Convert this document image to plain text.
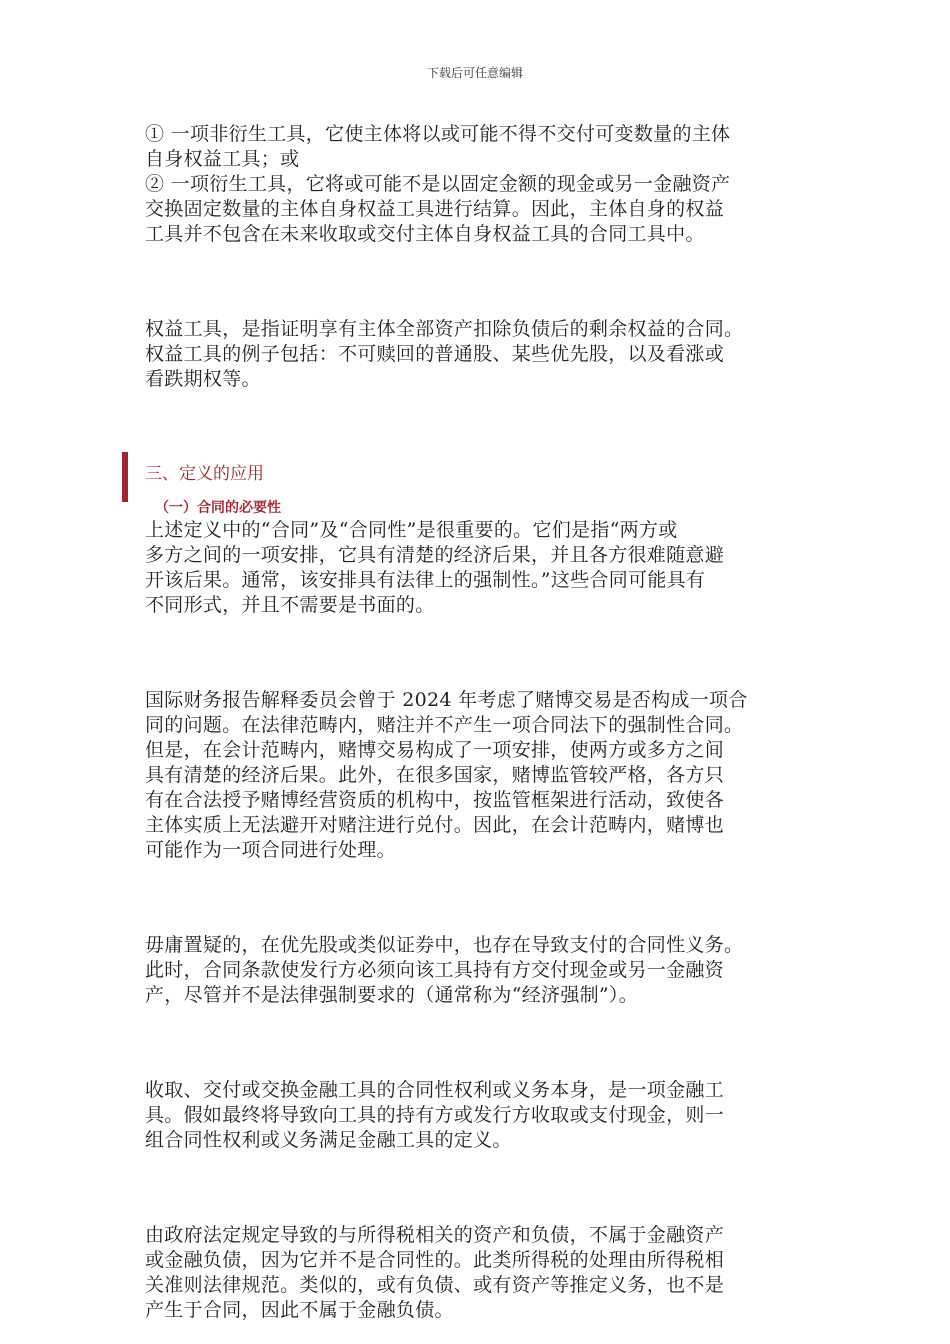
下载后可任意编辑

① 一项非衍生工具，它使主体将以或可能不得不交付可变数量的主体
自身权益工具；或
② 一项衍生工具，它将或可能不是以固定金额的现金或另一金融资产
交换固定数量的主体自身权益工具进行结算。因此，主体自身的权益
工具并不包含在未来收取或交付主体自身权益工具的合同工具中。

权益工具，是指证明享有主体全部资产扣除负债后的剩余权益的合同。
权益工具的例子包括：不可赎回的普通股、某些优先股，以及看涨或
看跌期权等。

三、定义的应用
（一）合同的必要性

上述定义中的“合同”及“合同性”是很重要的。它们是指“两方或
多方之间的一项安排，它具有清楚的经济后果，并且各方很难随意避
开该后果。通常，该安排具有法律上的强制性。”这些合同可能具有
不同形式，并且不需要是书面的。

国际财务报告解释委员会曾于 2024 年考虑了赌博交易是否构成一项合
同的问题。在法律范畴内，赌注并不产生一项合同法下的强制性合同。
但是，在会计范畴内，赌博交易构成了一项安排，使两方或多方之间
具有清楚的经济后果。此外，在很多国家，赌博监管较严格，各方只
有在合法授予赌博经营资质的机构中，按监管框架进行活动，致使各
主体实质上无法避开对赌注进行兑付。因此，在会计范畴内，赌博也
可能作为一项合同进行处理。

毋庸置疑的，在优先股或类似证券中，也存在导致支付的合同性义务。
此时，合同条款使发行方必须向该工具持有方交付现金或另一金融资
产，尽管并不是法律强制要求的（通常称为“经济强制”）。

收取、交付或交换金融工具的合同性权利或义务本身，是一项金融工
具。假如最终将导致向工具的持有方或发行方收取或支付现金，则一
组合同性权利或义务满足金融工具的定义。

由政府法定规定导致的与所得税相关的资产和负债，不属于金融资产
或金融负债，因为它并不是合同性的。此类所得税的处理由所得税相
关准则法律规范。类似的，或有负债、或有资产等推定义务，也不是
产生于合同，因此不属于金融负债。
